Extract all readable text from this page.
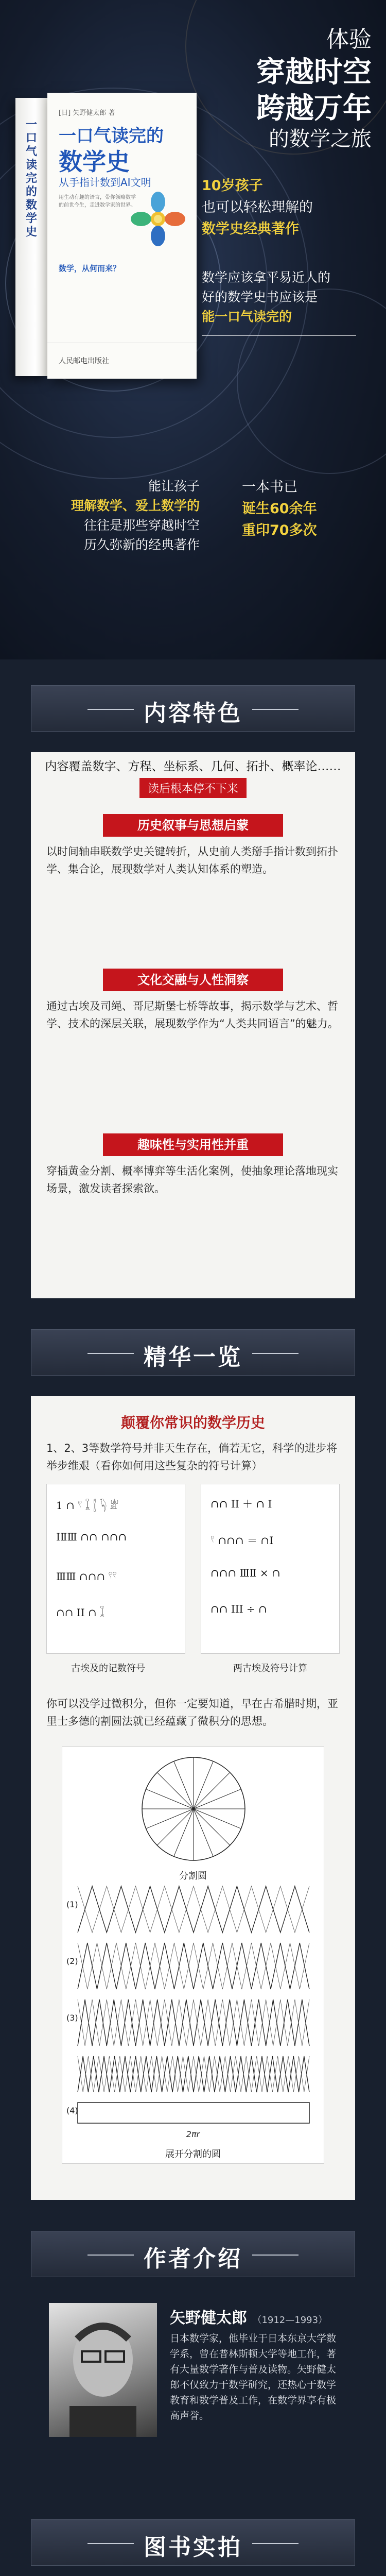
体验
穿越时空
跨越万年
的数学之旅
一口气读完的数学史
[日] 矢野健太郎 著
一口气读完的
数学史
从手指计数到AI文明
用生动有趣的语言，带你领略数学的前世今生，走进数学家的世界。
数学，从何而来？
人民邮电出版社
10岁孩子
也可以轻松理解的
数学史经典著作
数学应该拿平易近人的
好的数学史书应该是
能一口气读完的
能让孩子
理解数学、爱上数学的
往往是那些穿越时空
历久弥新的经典著作
一本书已
诞生60余年
重印70多次
内容特色
内容覆盖数字、方程、坐标系、几何、拓扑、概率论……
读后根本停不下来
历史叙事与思想启蒙
以时间轴串联数学史关键转折，从史前人类掰手指计数到拓扑学、集合论，展现数学对人类认知体系的塑造。
文化交融与人性洞察
通过古埃及司绳、哥尼斯堡七桥等故事，揭示数学与艺术、哲学、技术的深层关联，展现数学作为“人类共同语言”的魅力。
趣味性与实用性并重
穿插黄金分割、概率博弈等生活化案例，使抽象理论落地现实场景，激发读者探索欲。
精华一览
颠覆你常识的数学历史
1、2、3等数学符号并非天生存在，倘若无它，科学的进步将举步维艰（看你如何用这些复杂的符号计算）
1 ∩ 𓍢 𓆼 𓂭 𓆐 𓁨
ⅠⅡⅢ ∩∩ ∩∩∩
ⅢⅢ ∩∩∩ 𓍢𓍢
∩∩ ⅠⅠ ∩ 𓆼
∩∩ ⅠⅠ ＋ ∩ Ⅰ
𓍢 ∩∩∩ ＝ ∩Ⅰ
∩∩∩ ⅢⅡ × ∩
∩∩ ⅠⅠⅠ ÷ ∩
古埃及的记数符号	两古埃及符号计算
你可以没学过微积分，但你一定要知道，早在古希腊时期，亚里士多德的割圆法就已经蕴藏了微积分的思想。
分割圆
(1)
(2)
(3)
(4)
2πr
展开分割的圆
作者介绍
矢野健太郎 （1912—1993）
日本数学家，他毕业于日本东京大学数学系，曾在普林斯顿大学等地工作，著有大量数学著作与普及读物。矢野健太郎不仅致力于数学研究，还热心于数学教育和数学普及工作，在数学界享有极高声誉。
图书实拍
